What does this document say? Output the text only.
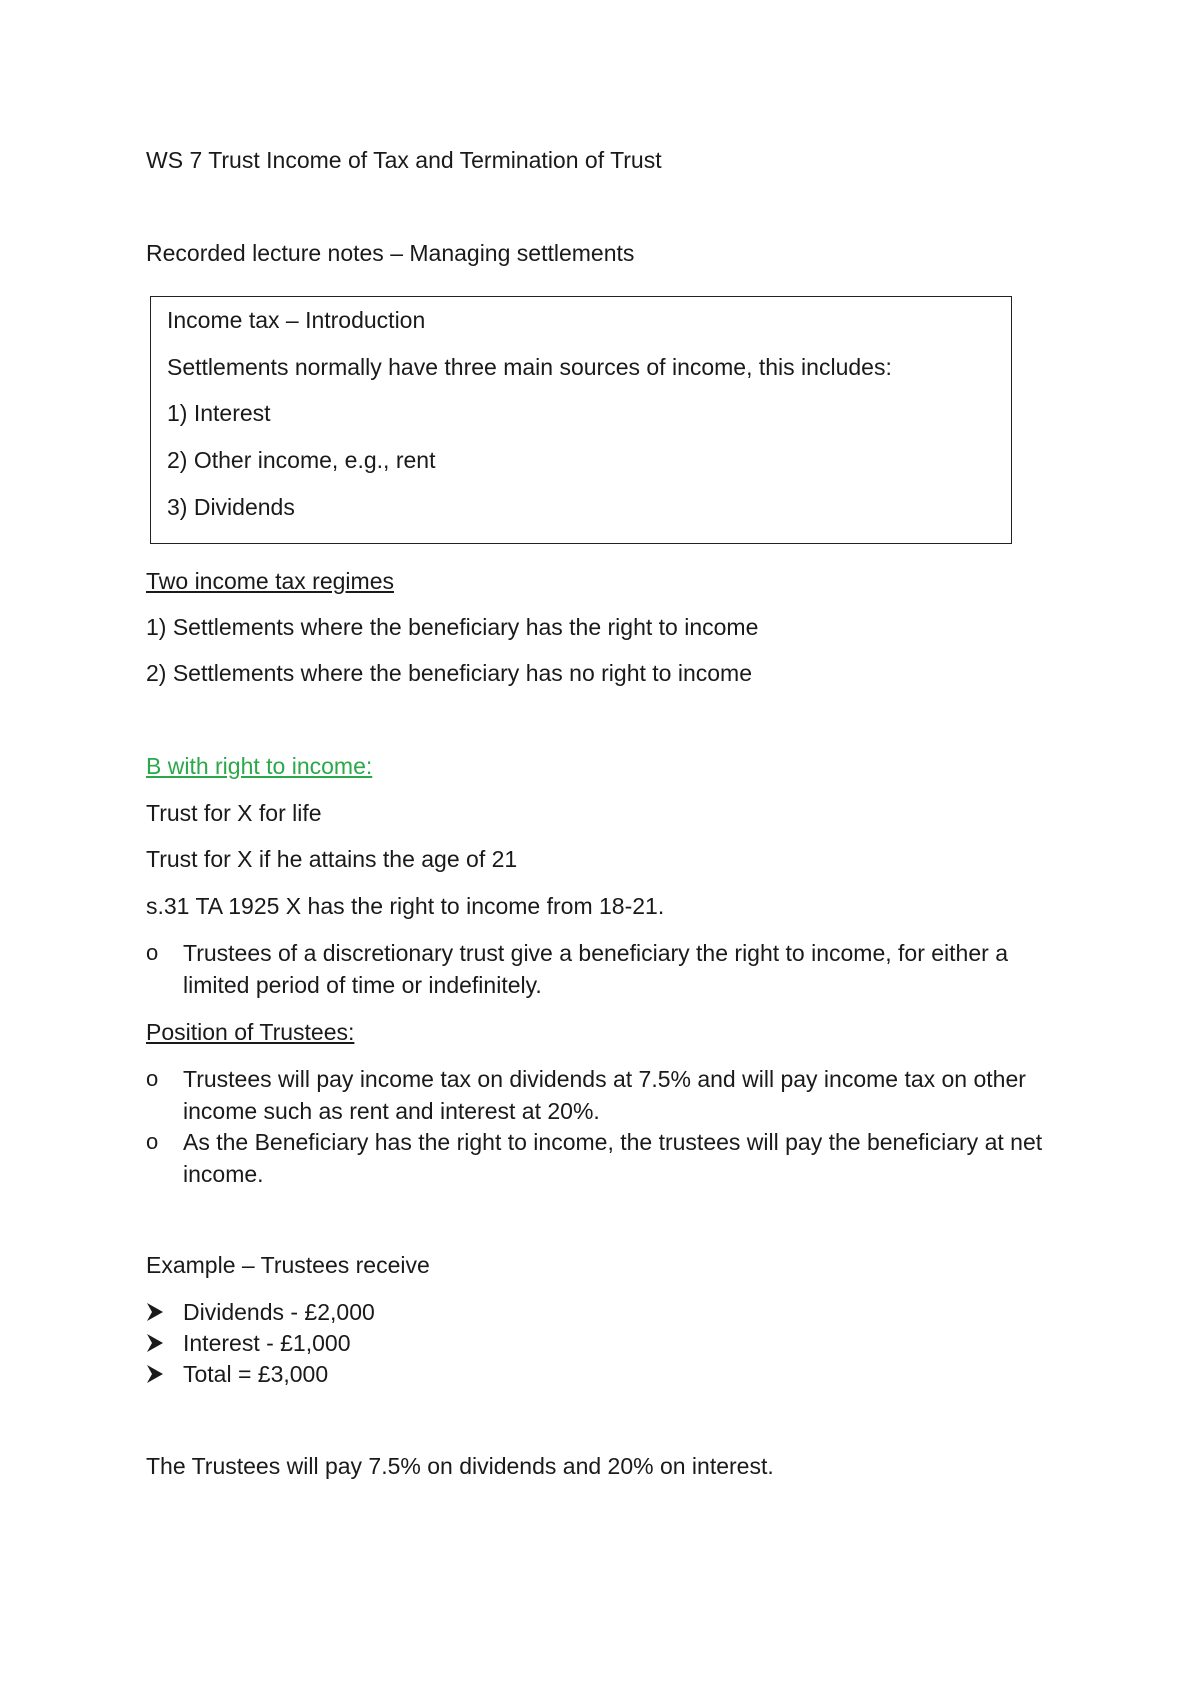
WS 7 Trust Income of Tax and Termination of Trust
Recorded lecture notes – Managing settlements
Income tax – Introduction
Settlements normally have three main sources of income, this includes:
1) Interest
2) Other income, e.g., rent
3) Dividends
Two income tax regimes
1) Settlements where the beneficiary has the right to income
2) Settlements where the beneficiary has no right to income
B with right to income:
Trust for X for life
Trust for X if he attains the age of 21
s.31 TA 1925 X has the right to income from 18-21.
o	Trustees of a discretionary trust give a beneficiary the right to income, for either a limited period of time or indefinitely.
Position of Trustees:
o	Trustees will pay income tax on dividends at 7.5% and will pay income tax on other income such as rent and interest at 20%.
o	As the Beneficiary has the right to income, the trustees will pay the beneficiary at net income.
Example – Trustees receive
Dividends - £2,000
Interest - £1,000
Total = £3,000
The Trustees will pay 7.5% on dividends and 20% on interest.
